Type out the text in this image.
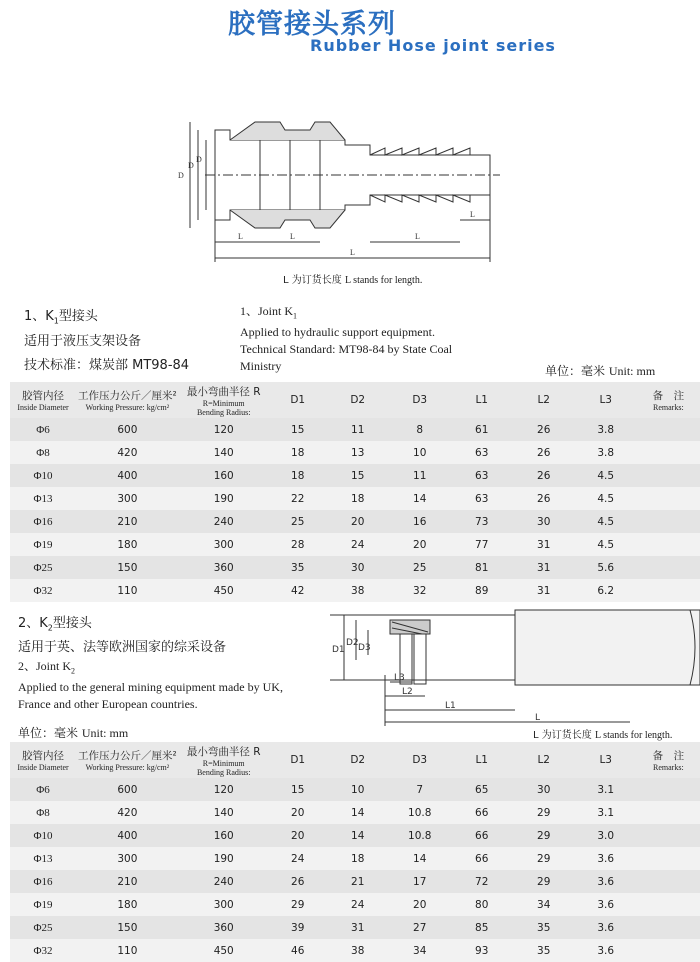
胶管接头系列
Rubber Hose joint series
D
D
D
L	L	L
L
L
L 为订货长度 L stands for length.
1、$K_1$型接头
适用于液压支架设备
技术标准：煤炭部 MT98-84
1、Joint $K_1$
Applied to hydraulic support equipment.
Technical Standard: MT98-84 by State Coal Ministry	单位：毫米 Unit: mm
胶管内径
Inside Diameter	工作压力公斤／厘米²
Working Pressure: kg/cm²	最小弯曲半径 R
R=Minimum
Bending Radius:	D1	D2	D3	L1	L2	L3	备　注
Remarks:

Φ6	600	120	15	11	8	61	26	3.8	
Φ8	420	140	18	13	10	63	26	3.8	
Φ10	400	160	18	15	11	63	26	4.5	
Φ13	300	190	22	18	14	63	26	4.5	
Φ16	210	240	25	20	16	73	30	4.5	
Φ19	180	300	28	24	20	77	31	4.5	
Φ25	150	360	35	30	25	81	31	5.6	
Φ32	110	450	42	38	32	89	31	6.2	
2、$K_2$型接头
适用于英、法等欧洲国家的综采设备
2、Joint $K_2$
Applied to the general mining equipment made by UK, France and other European countries.
单位：毫米 Unit: mm
D1
D2 D3
L3
L2
L1
L
L 为订货长度 L stands for length.
胶管内径
Inside Diameter	工作压力公斤／厘米²
Working Pressure: kg/cm²	最小弯曲半径 R
R=Minimum
Bending Radius:	D1	D2	D3	L1	L2	L3	备　注
Remarks:

Φ6	600	120	15	10	7	65	30	3.1	
Φ8	420	140	20	14	10.8	66	29	3.1	
Φ10	400	160	20	14	10.8	66	29	3.0	
Φ13	300	190	24	18	14	66	29	3.6	
Φ16	210	240	26	21	17	72	29	3.6	
Φ19	180	300	29	24	20	80	34	3.6	
Φ25	150	360	39	31	27	85	35	3.6	
Φ32	110	450	46	38	34	93	35	3.6	
